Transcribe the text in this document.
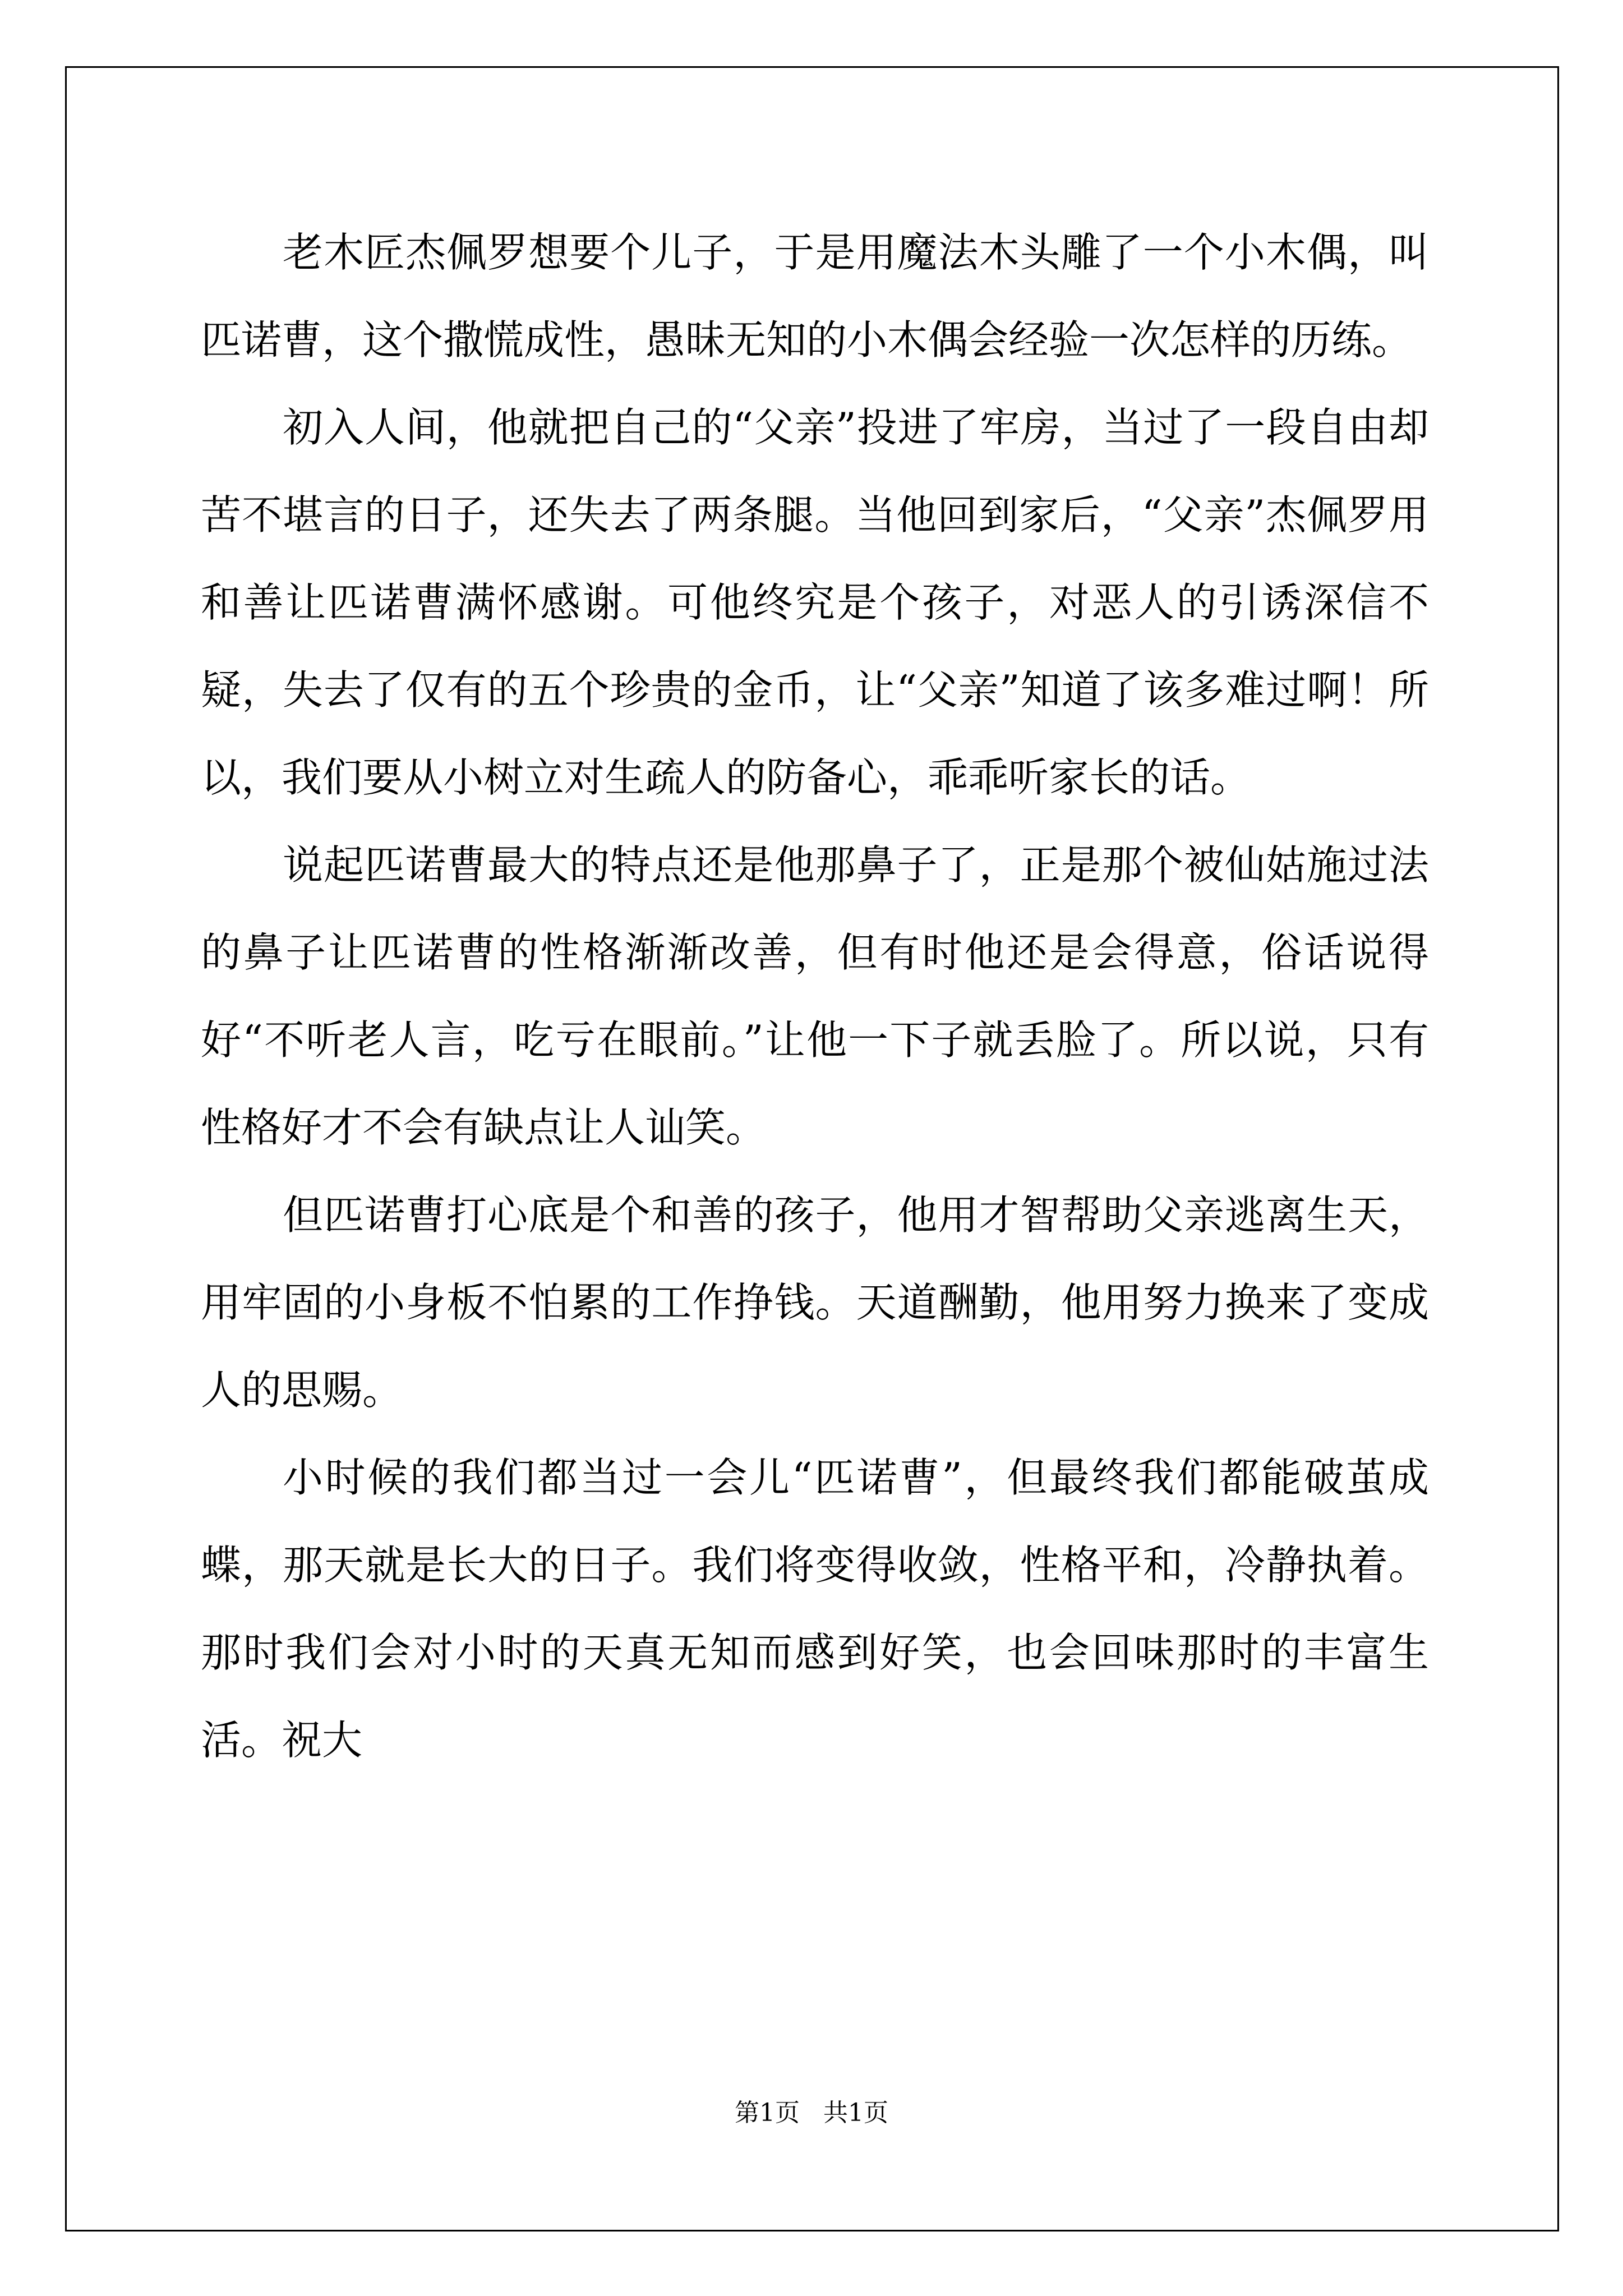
老木匠杰佩罗想要个儿子，于是用魔法木头雕了一个小木偶，叫匹诺曹，这个撒慌成性，愚昧无知的小木偶会经验一次怎样的历练。

初入人间，他就把自己的“父亲”投进了牢房，当过了一段自由却苦不堪言的日子，还失去了两条腿。当他回到家后，“父亲”杰佩罗用和善让匹诺曹满怀感谢。可他终究是个孩子，对恶人的引诱深信不疑，失去了仅有的五个珍贵的金币，让“父亲”知道了该多难过啊！所以，我们要从小树立对生疏人的防备心，乖乖听家长的话。

说起匹诺曹最大的特点还是他那鼻子了，正是那个被仙姑施过法的鼻子让匹诺曹的性格渐渐改善，但有时他还是会得意，俗话说得好“不听老人言，吃亏在眼前。”让他一下子就丢脸了。所以说，只有性格好才不会有缺点让人讪笑。

但匹诺曹打心底是个和善的孩子，他用才智帮助父亲逃离生天，用牢固的小身板不怕累的工作挣钱。天道酬勤，他用努力换来了变成人的思赐。

小时候的我们都当过一会儿“匹诺曹”，但最终我们都能破茧成蝶，那天就是长大的日子。我们将变得收敛，性格平和，冷静执着。那时我们会对小时的天真无知而感到好笑，也会回味那时的丰富生活。祝大

第1页   共1页
